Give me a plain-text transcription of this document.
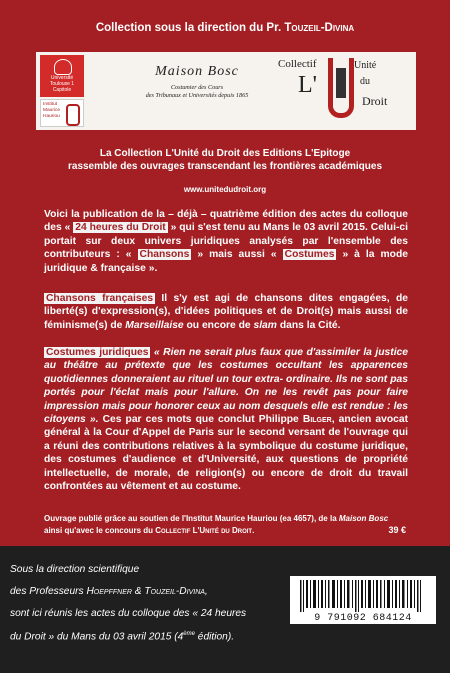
Collection sous la direction du Pr. Touzeil-Divina
Université
Toulouse 1
Capitole
Institut
Maurice
Hauriou
Maison Bosc
Costumier des Cours
des Tribunaux et Universités depuis 1865
Collectif
L'
Unité
du
Droit
La Collection L'Unité du Droit des Editions L'Epitoge
rassemble des ouvrages transcendant les frontières académiques
www.unitedudroit.org
Voici la publication de la – déjà – quatrième édition des actes du colloque des « 24 heures du Droit » qui s'est tenu au Mans le 03 avril 2015. Celui-ci portait sur deux univers juridiques analysés par l'ensemble des contributeurs : « Chansons » mais aussi « Costumes » à la mode juridique & française ».
Chansons françaises Il s'y est agi de chansons dites engagées, de liberté(s) d'expression(s), d'idées politiques et de Droit(s) mais aussi de féminisme(s) de Marseillaise ou encore de slam dans la Cité.
Costumes juridiques « Rien ne serait plus faux que d'assimiler la justice au théâtre au prétexte que les costumes occultant les apparences quotidiennes donneraient au rituel un tour extra- ordinaire. Ils ne sont pas portés pour l'éclat mais pour l'allure. On ne les revêt pas pour faire impression mais pour honorer ceux au nom desquels elle est rendue : les citoyens ». Ces par ces mots que conclut Philippe Bilger, ancien avocat général à la Cour d'Appel de Paris sur le second versant de l'ouvrage qui a réuni des contributions relatives à la symbolique du costume juridique, des costumes d'audience et d'Université, aux questions de propriété intellectuelle, de morale, de religion(s) ou encore de droit du travail confrontées au vêtement et au costume.
Ouvrage publié grâce au soutien de l'Institut Maurice Hauriou (ea 4657), de la Maison Bosc
ainsi qu'avec le concours du Collectif L'Unité du Droit.	39 €
Sous la direction scientifique
des Professeurs Hoepffner & Touzeil-Divina,
sont ici réunis les actes du colloque des « 24 heures
du Droit » du Mans du 03 avril 2015 (4ème édition).
9 791092 684124
